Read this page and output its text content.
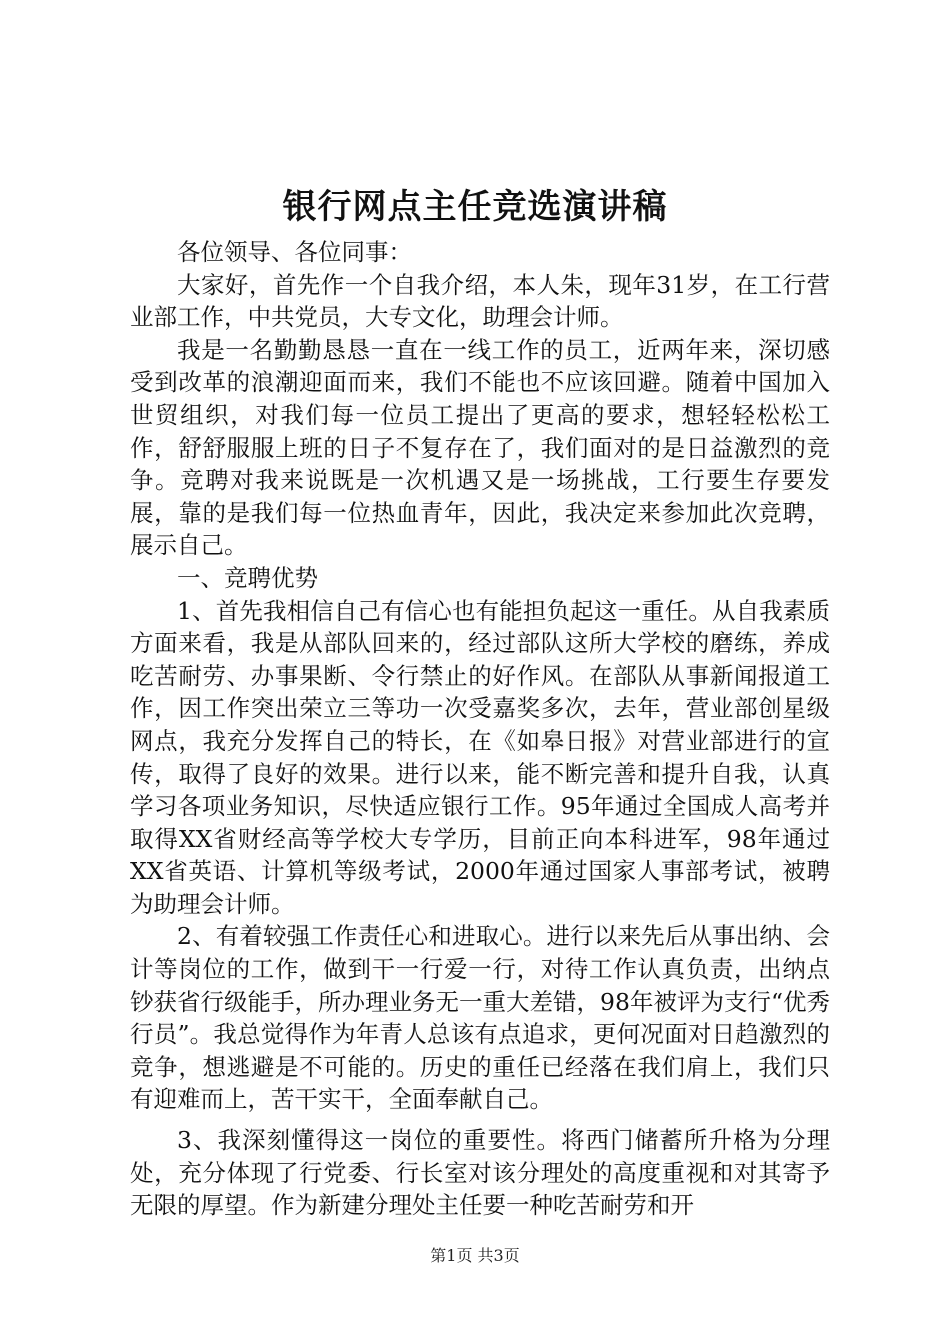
银行网点主任竞选演讲稿

各位领导、各位同事：

大家好，首先作一个自我介绍，本人朱，现年31岁，在工行营业部工作，中共党员，大专文化，助理会计师。

我是一名勤勤恳恳一直在一线工作的员工，近两年来，深切感受到改革的浪潮迎面而来，我们不能也不应该回避。随着中国加入世贸组织，对我们每一位员工提出了更高的要求，想轻轻松松工作，舒舒服服上班的日子不复存在了，我们面对的是日益激烈的竞争。竞聘对我来说既是一次机遇又是一场挑战，工行要生存要发展，靠的是我们每一位热血青年，因此，我决定来参加此次竞聘，展示自己。

一、竞聘优势

1、首先我相信自己有信心也有能担负起这一重任。从自我素质方面来看，我是从部队回来的，经过部队这所大学校的磨练，养成吃苦耐劳、办事果断、令行禁止的好作风。在部队从事新闻报道工作，因工作突出荣立三等功一次受嘉奖多次，去年，营业部创星级网点，我充分发挥自己的特长，在《如皋日报》对营业部进行的宣传，取得了良好的效果。进行以来，能不断完善和提升自我，认真学习各项业务知识，尽快适应银行工作。95年通过全国成人高考并取得XX省财经高等学校大专学历，目前正向本科进军，98年通过XX省英语、计算机等级考试，2000年通过国家人事部考试，被聘为助理会计师。

2、有着较强工作责任心和进取心。进行以来先后从事出纳、会计等岗位的工作，做到干一行爱一行，对待工作认真负责，出纳点钞获省行级能手，所办理业务无一重大差错，98年被评为支行“优秀行员”。我总觉得作为年青人总该有点追求，更何况面对日趋激烈的竞争，想逃避是不可能的。历史的重任已经落在我们肩上，我们只有迎难而上，苦干实干，全面奉献自己。

3、我深刻懂得这一岗位的重要性。将西门储蓄所升格为分理处，充分体现了行党委、行长室对该分理处的高度重视和对其寄予无限的厚望。作为新建分理处主任要一种吃苦耐劳和开

第1页 共3页
